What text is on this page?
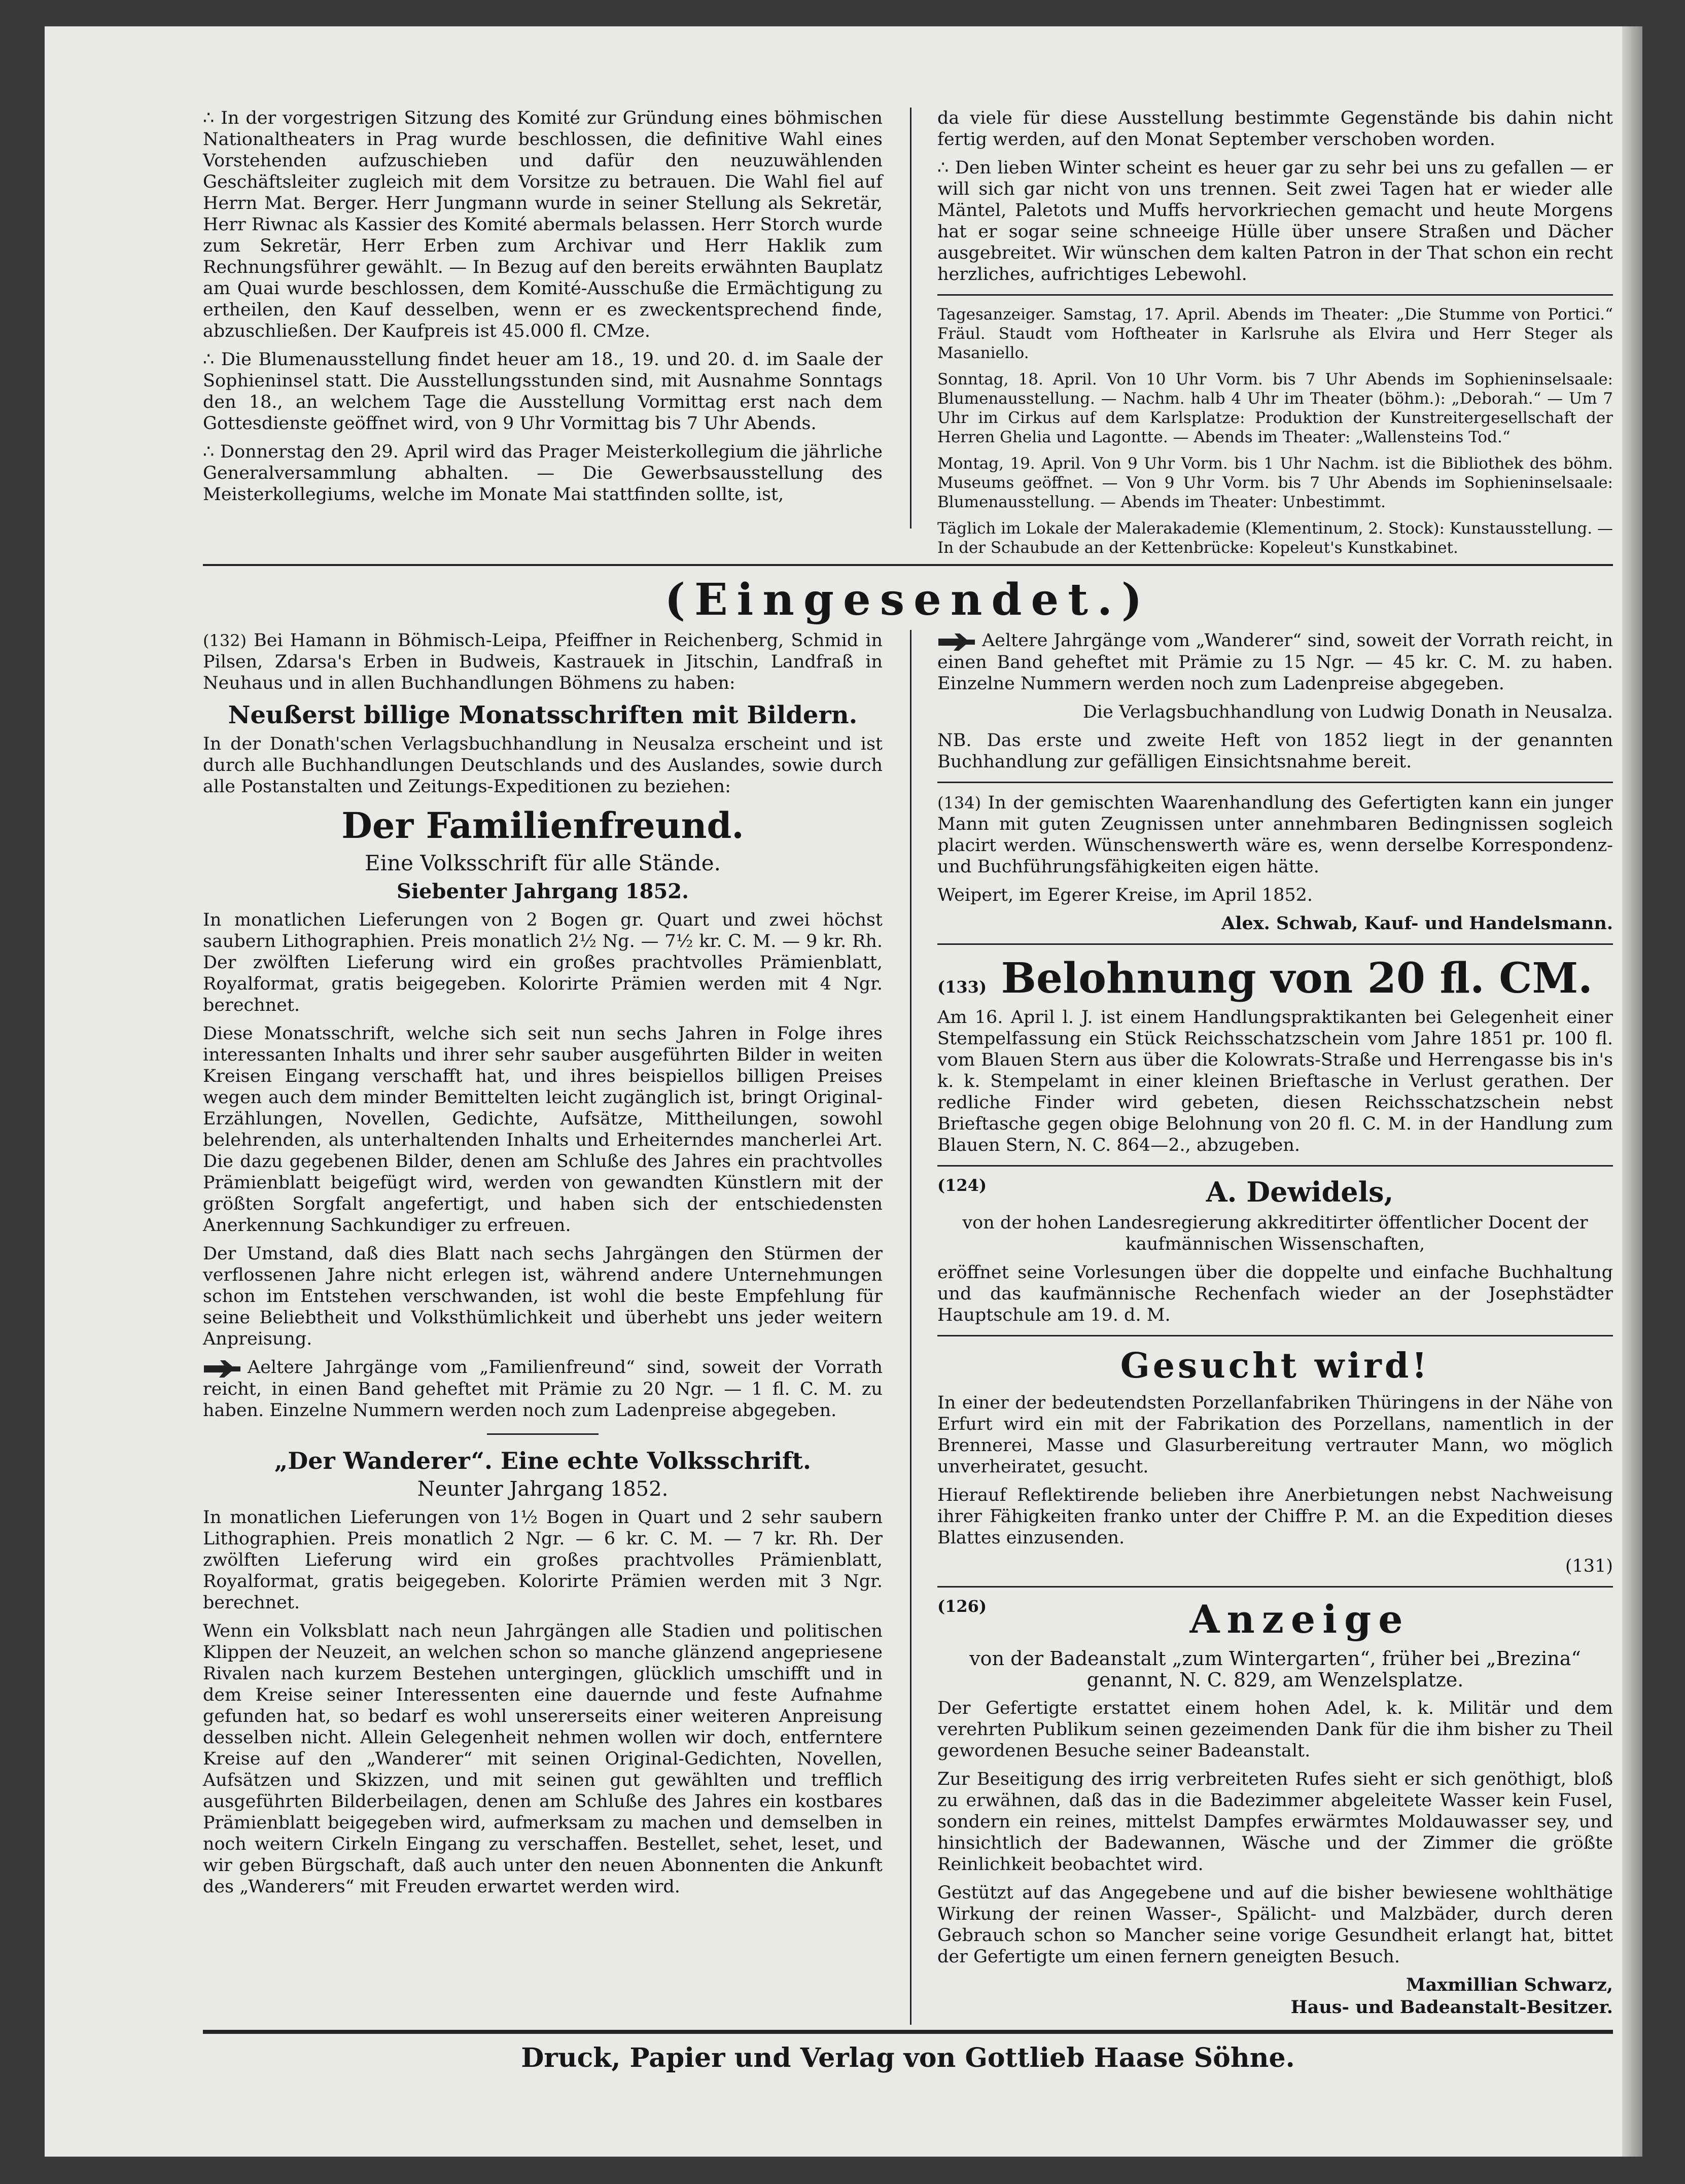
∴ In der vorgestrigen Sitzung des Komité zur Gründung eines böhmischen Nationaltheaters in Prag wurde beschlossen, die definitive Wahl eines Vorstehenden aufzuschieben und dafür den neuzuwählenden Geschäftsleiter zugleich mit dem Vorsitze zu betrauen. Die Wahl fiel auf Herrn Mat. Berger. Herr Jungmann wurde in seiner Stellung als Sekretär, Herr Riwnac als Kassier des Komité abermals belassen. Herr Storch wurde zum Sekretär, Herr Erben zum Archivar und Herr Haklik zum Rechnungsführer gewählt. — In Bezug auf den bereits erwähnten Bauplatz am Quai wurde beschlossen, dem Komité-Ausschuße die Ermächtigung zu ertheilen, den Kauf desselben, wenn er es zweckentsprechend finde, abzuschließen. Der Kaufpreis ist 45.000 fl. CMze.

∴ Die Blumenausstellung findet heuer am 18., 19. und 20. d. im Saale der Sophieninsel statt. Die Ausstellungsstunden sind, mit Ausnahme Sonntags den 18., an welchem Tage die Ausstellung Vormittag erst nach dem Gottesdienste geöffnet wird, von 9 Uhr Vormittag bis 7 Uhr Abends.

∴ Donnerstag den 29. April wird das Prager Meisterkollegium die jährliche Generalversammlung abhalten. — Die Gewerbsausstellung des Meisterkollegiums, welche im Monate Mai stattfinden sollte, ist,

da viele für diese Ausstellung bestimmte Gegenstände bis dahin nicht fertig werden, auf den Monat September verschoben worden.

∴ Den lieben Winter scheint es heuer gar zu sehr bei uns zu gefallen — er will sich gar nicht von uns trennen. Seit zwei Tagen hat er wieder alle Mäntel, Paletots und Muffs hervorkriechen gemacht und heute Morgens hat er sogar seine schneeige Hülle über unsere Straßen und Dächer ausgebreitet. Wir wünschen dem kalten Patron in der That schon ein recht herzliches, aufrichtiges Lebewohl.

Tagesanzeiger. Samstag, 17. April. Abends im Theater: „Die Stumme von Portici.“ Fräul. Staudt vom Hoftheater in Karlsruhe als Elvira und Herr Steger als Masaniello.

Sonntag, 18. April. Von 10 Uhr Vorm. bis 7 Uhr Abends im Sophieninselsaale: Blumenausstellung. — Nachm. halb 4 Uhr im Theater (böhm.): „Deborah.“ — Um 7 Uhr im Cirkus auf dem Karlsplatze: Produktion der Kunstreitergesellschaft der Herren Ghelia und Lagontte. — Abends im Theater: „Wallensteins Tod.“

Montag, 19. April. Von 9 Uhr Vorm. bis 1 Uhr Nachm. ist die Bibliothek des böhm. Museums geöffnet. — Von 9 Uhr Vorm. bis 7 Uhr Abends im Sophieninselsaale: Blumenausstellung. — Abends im Theater: Unbestimmt.

Täglich im Lokale der Malerakademie (Klementinum, 2. Stock): Kunstausstellung. — In der Schaubude an der Kettenbrücke: Kopeleut's Kunstkabinet.

(Eingesendet.)

(132) Bei Hamann in Böhmisch-Leipa, Pfeiffner in Reichenberg, Schmid in Pilsen, Zdarsa's Erben in Budweis, Kastrauek in Jitschin, Landfraß in Neuhaus und in allen Buchhandlungen Böhmens zu haben:

Neußerst billige Monatsschriften mit Bildern.

In der Donath'schen Verlagsbuchhandlung in Neusalza erscheint und ist durch alle Buchhandlungen Deutschlands und des Auslandes, sowie durch alle Postanstalten und Zeitungs-Expeditionen zu beziehen:

Der Familienfreund.

Eine Volksschrift für alle Stände.

Siebenter Jahrgang 1852.

In monatlichen Lieferungen von 2 Bogen gr. Quart und zwei höchst saubern Lithographien. Preis monatlich 2½ Ng. — 7½ kr. C. M. — 9 kr. Rh. Der zwölften Lieferung wird ein großes prachtvolles Prämienblatt, Royalformat, gratis beigegeben. Kolorirte Prämien werden mit 4 Ngr. berechnet.

Diese Monatsschrift, welche sich seit nun sechs Jahren in Folge ihres interessanten Inhalts und ihrer sehr sauber ausgeführten Bilder in weiten Kreisen Eingang verschafft hat, und ihres beispiellos billigen Preises wegen auch dem minder Bemittelten leicht zugänglich ist, bringt Original-Erzählungen, Novellen, Gedichte, Aufsätze, Mittheilungen, sowohl belehrenden, als unterhaltenden Inhalts und Erheiterndes mancherlei Art. Die dazu gegebenen Bilder, denen am Schluße des Jahres ein prachtvolles Prämienblatt beigefügt wird, werden von gewandten Künstlern mit der größten Sorgfalt angefertigt, und haben sich der entschiedensten Anerkennung Sachkundiger zu erfreuen.

Der Umstand, daß dies Blatt nach sechs Jahrgängen den Stürmen der verflossenen Jahre nicht erlegen ist, während andere Unternehmungen schon im Entstehen verschwanden, ist wohl die beste Empfehlung für seine Beliebtheit und Volksthümlichkeit und überhebt uns jeder weitern Anpreisung.

Aeltere Jahrgänge vom „Familienfreund“ sind, soweit der Vorrath reicht, in einen Band geheftet mit Prämie zu 20 Ngr. — 1 fl. C. M. zu haben. Einzelne Nummern werden noch zum Ladenpreise abgegeben.

„Der Wanderer“. Eine echte Volksschrift.

Neunter Jahrgang 1852.

In monatlichen Lieferungen von 1½ Bogen in Quart und 2 sehr saubern Lithographien. Preis monatlich 2 Ngr. — 6 kr. C. M. — 7 kr. Rh. Der zwölften Lieferung wird ein großes prachtvolles Prämienblatt, Royalformat, gratis beigegeben. Kolorirte Prämien werden mit 3 Ngr. berechnet.

Wenn ein Volksblatt nach neun Jahrgängen alle Stadien und politischen Klippen der Neuzeit, an welchen schon so manche glänzend angepriesene Rivalen nach kurzem Bestehen untergingen, glücklich umschifft und in dem Kreise seiner Interessenten eine dauernde und feste Aufnahme gefunden hat, so bedarf es wohl unsererseits einer weiteren Anpreisung desselben nicht. Allein Gelegenheit nehmen wollen wir doch, entferntere Kreise auf den „Wanderer“ mit seinen Original-Gedichten, Novellen, Aufsätzen und Skizzen, und mit seinen gut gewählten und trefflich ausgeführten Bilderbeilagen, denen am Schluße des Jahres ein kostbares Prämienblatt beigegeben wird, aufmerksam zu machen und demselben in noch weitern Cirkeln Eingang zu verschaffen. Bestellet, sehet, leset, und wir geben Bürgschaft, daß auch unter den neuen Abonnenten die Ankunft des „Wanderers“ mit Freuden erwartet werden wird.

Aeltere Jahrgänge vom „Wanderer“ sind, soweit der Vorrath reicht, in einen Band geheftet mit Prämie zu 15 Ngr. — 45 kr. C. M. zu haben. Einzelne Nummern werden noch zum Ladenpreise abgegeben.

Die Verlagsbuchhandlung von Ludwig Donath in Neusalza.

NB. Das erste und zweite Heft von 1852 liegt in der genannten Buchhandlung zur gefälligen Einsichtsnahme bereit.

(134) In der gemischten Waarenhandlung des Gefertigten kann ein junger Mann mit guten Zeugnissen unter annehmbaren Bedingnissen sogleich placirt werden. Wünschenswerth wäre es, wenn derselbe Korrespondenz- und Buchführungsfähigkeiten eigen hätte.

Weipert, im Egerer Kreise, im April 1852.

Alex. Schwab, Kauf- und Handelsmann.

(133) Belohnung von 20 fl. CM.

Am 16. April l. J. ist einem Handlungspraktikanten bei Gelegenheit einer Stempelfassung ein Stück Reichsschatzschein vom Jahre 1851 pr. 100 fl. vom Blauen Stern aus über die Kolowrats-Straße und Herrengasse bis in's k. k. Stempelamt in einer kleinen Brieftasche in Verlust gerathen. Der redliche Finder wird gebeten, diesen Reichsschatzschein nebst Brieftasche gegen obige Belohnung von 20 fl. C. M. in der Handlung zum Blauen Stern, N. C. 864—2., abzugeben.

(124)	A. Dewidels,

von der hohen Landesregierung akkreditirter öffentlicher Docent der kaufmännischen Wissenschaften,

eröffnet seine Vorlesungen über die doppelte und einfache Buchhaltung und das kaufmännische Rechenfach wieder an der Josephstädter Hauptschule am 19. d. M.

Gesucht wird!

In einer der bedeutendsten Porzellanfabriken Thüringens in der Nähe von Erfurt wird ein mit der Fabrikation des Porzellans, namentlich in der Brennerei, Masse und Glasurbereitung vertrauter Mann, wo möglich unverheiratet, gesucht.

Hierauf Reflektirende belieben ihre Anerbietungen nebst Nachweisung ihrer Fähigkeiten franko unter der Chiffre P. M. an die Expedition dieses Blattes einzusenden.

(131)

(126)	Anzeige

von der Badeanstalt „zum Wintergarten“, früher bei „Brezina“ genannt, N. C. 829, am Wenzelsplatze.

Der Gefertigte erstattet einem hohen Adel, k. k. Militär und dem verehrten Publikum seinen gezeimenden Dank für die ihm bisher zu Theil gewordenen Besuche seiner Badeanstalt.

Zur Beseitigung des irrig verbreiteten Rufes sieht er sich genöthigt, bloß zu erwähnen, daß das in die Badezimmer abgeleitete Wasser kein Fusel, sondern ein reines, mittelst Dampfes erwärmtes Moldauwasser sey, und hinsichtlich der Badewannen, Wäsche und der Zimmer die größte Reinlichkeit beobachtet wird.

Gestützt auf das Angegebene und auf die bisher bewiesene wohlthätige Wirkung der reinen Wasser-, Spälicht- und Malzbäder, durch deren Gebrauch schon so Mancher seine vorige Gesundheit erlangt hat, bittet der Gefertigte um einen fernern geneigten Besuch.

Maxmillian Schwarz,

Haus- und Badeanstalt-Besitzer.

Druck, Papier und Verlag von Gottlieb Haase Söhne.
